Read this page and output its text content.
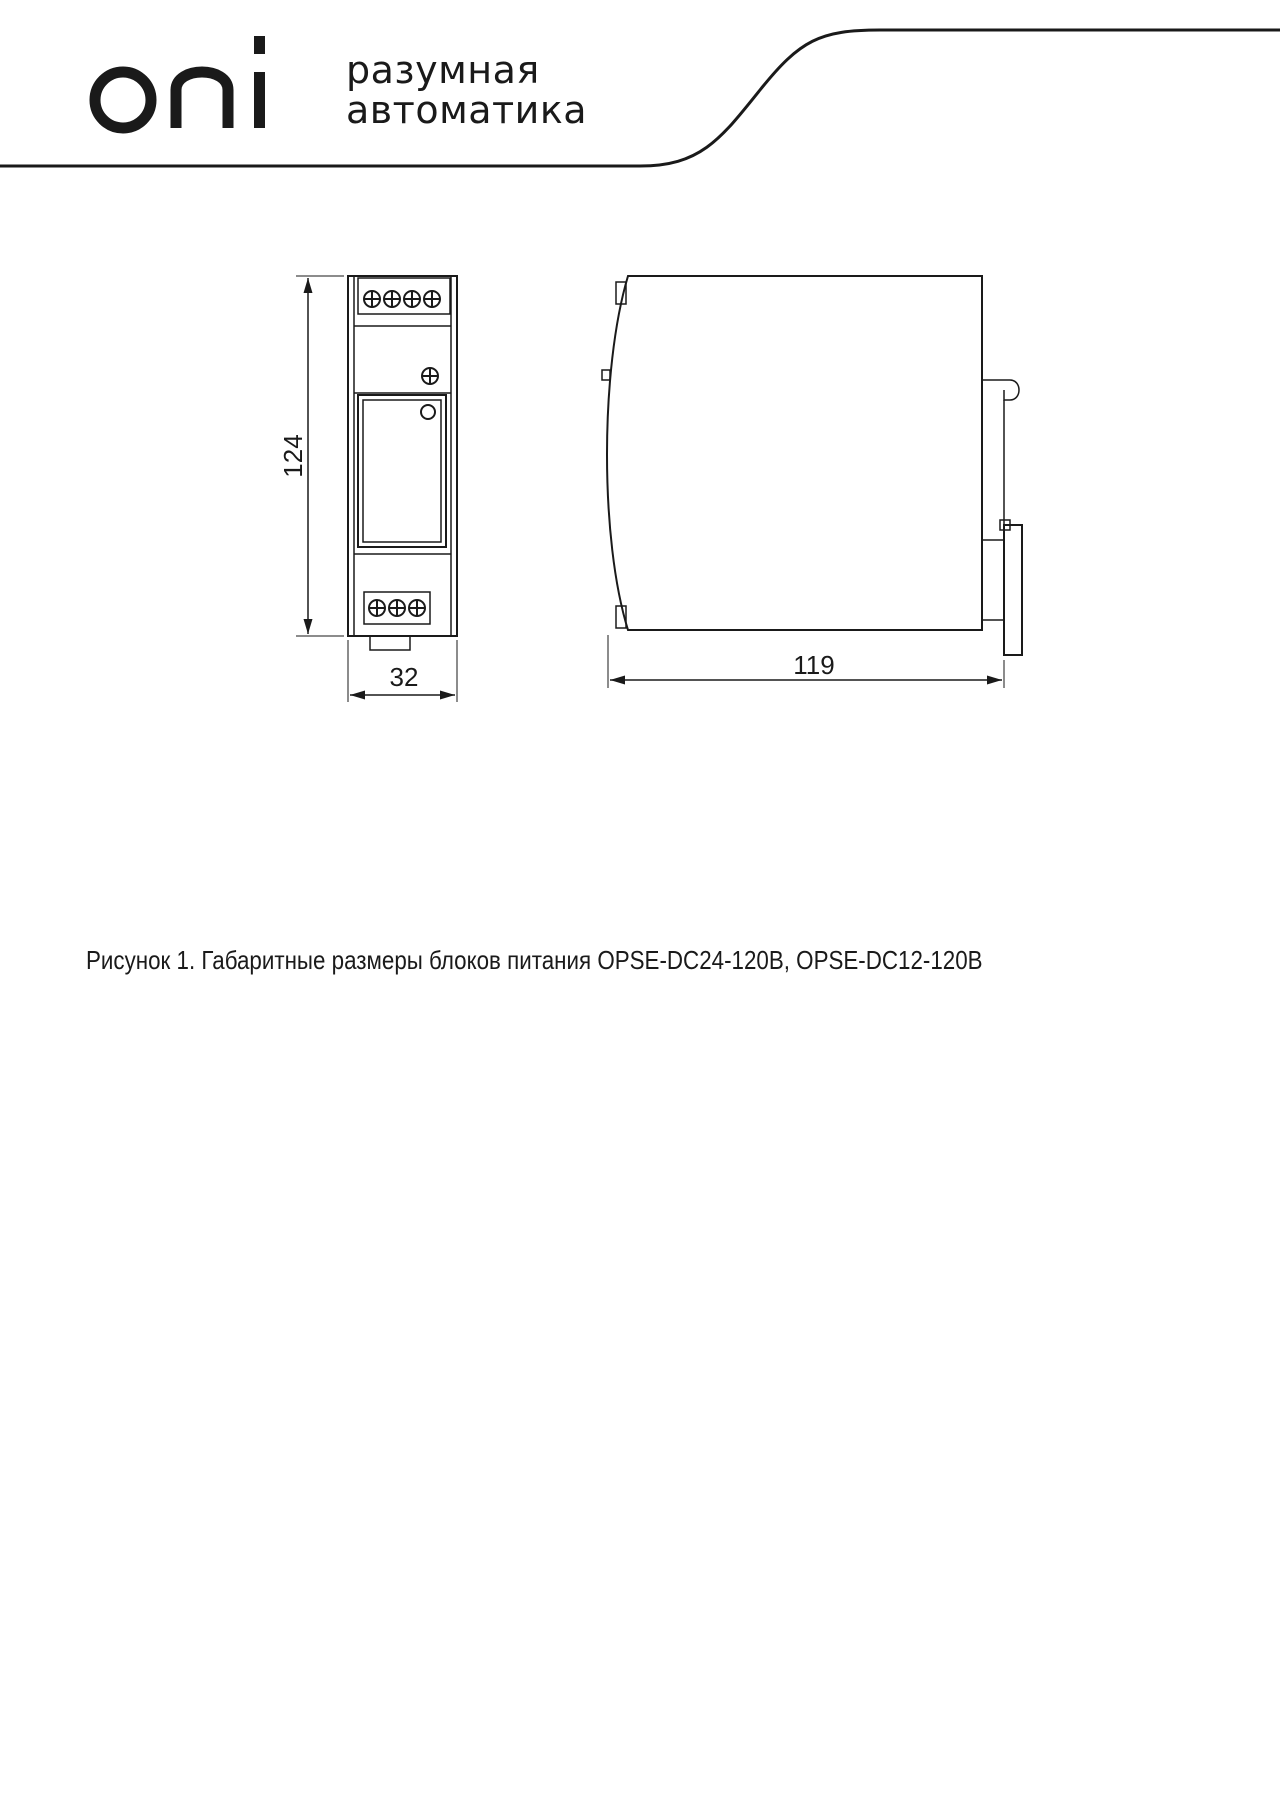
разумная
автоматика
124
32	119
Рисунок 1. Габаритные размеры блоков питания OPSE-DC24-120B, OPSE-DC12-120B
